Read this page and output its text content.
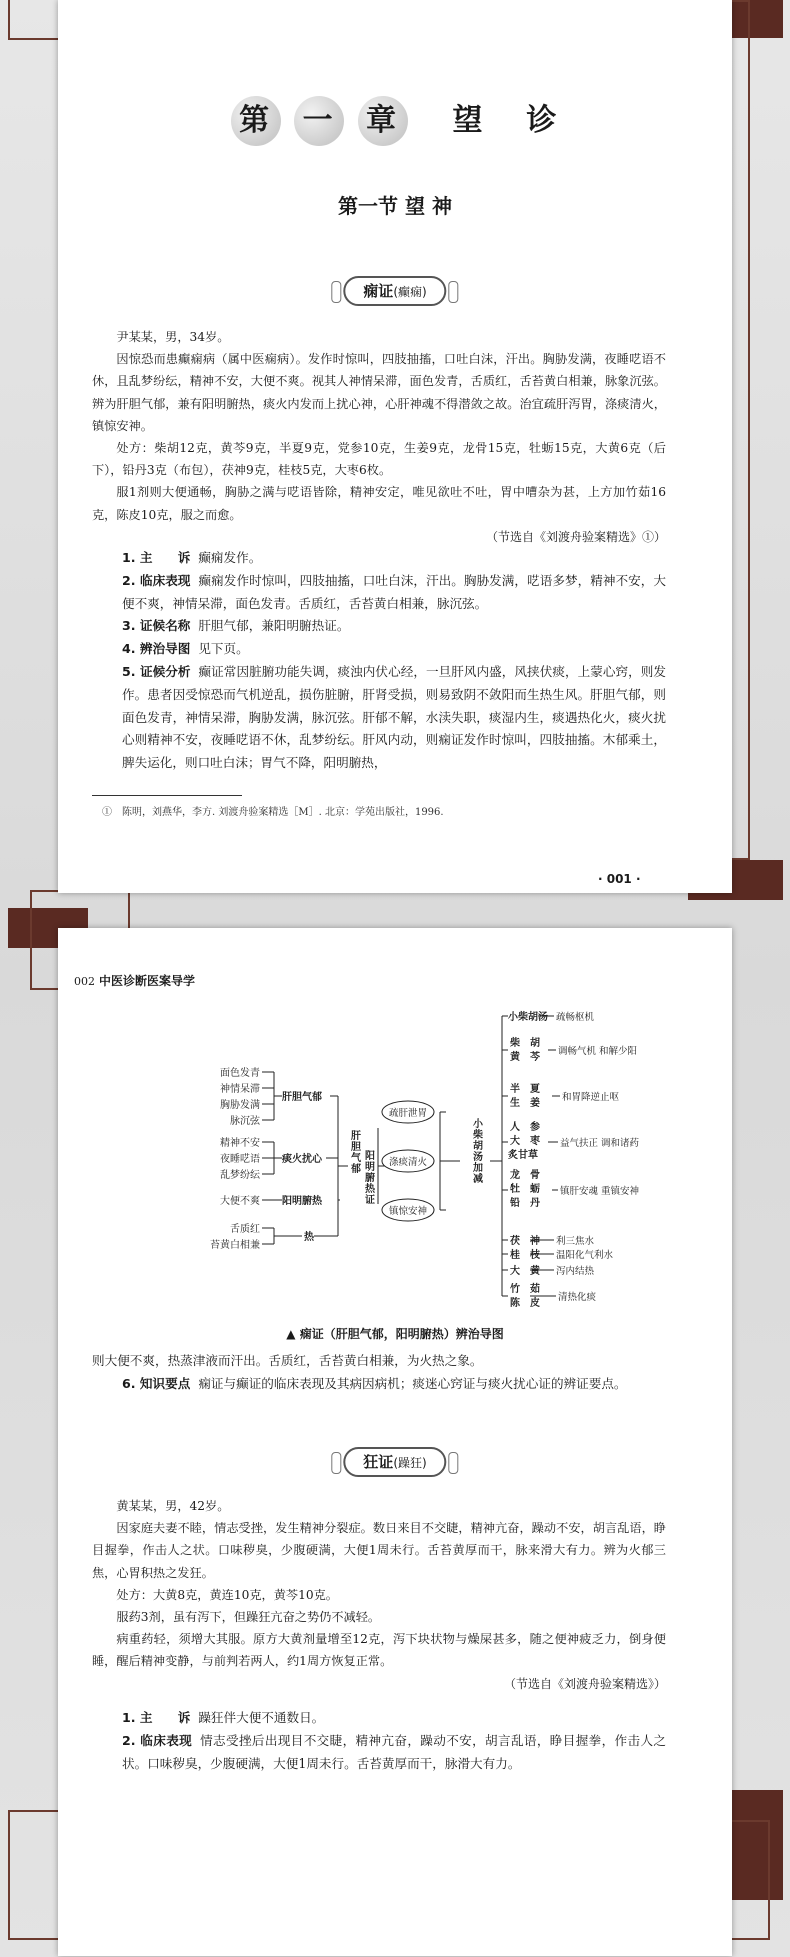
第 一 章 望 诊
第一节 望 神
痫证(癫痫)

尹某某，男，34岁。

因惊恐而患癫痫病（属中医痫病）。发作时惊叫，四肢抽搐，口吐白沫，汗出。胸胁发满，夜睡呓语不休，且乱梦纷纭，精神不安，大便不爽。视其人神情呆滞，面色发青，舌质红，舌苔黄白相兼，脉象沉弦。辨为肝胆气郁，兼有阳明腑热，痰火内发而上扰心神，心肝神魂不得潜敛之故。治宜疏肝泻胃，涤痰清火，镇惊安神。

处方：柴胡12克，黄芩9克，半夏9克，党参10克，生姜9克，龙骨15克，牡蛎15克，大黄6克（后下），铅丹3克（布包），茯神9克，桂枝5克，大枣6枚。

服1剂则大便通畅，胸胁之满与呓语皆除，精神安定，唯见欲吐不吐，胃中嘈杂为甚，上方加竹茹16克，陈皮10克，服之而愈。

（节选自《刘渡舟验案精选》①）

1. 主　　诉 癫痫发作。

2. 临床表现 癫痫发作时惊叫，四肢抽搐，口吐白沫，汗出。胸胁发满，呓语多梦，精神不安，大便不爽，神情呆滞，面色发青。舌质红，舌苔黄白相兼，脉沉弦。

3. 证候名称 肝胆气郁，兼阳明腑热证。

4. 辨治导图 见下页。

5. 证候分析 癫证常因脏腑功能失调，痰浊内伏心经，一旦肝风内盛，风挟伏痰，上蒙心窍，则发作。患者因受惊恐而气机逆乱，损伤脏腑，肝肾受损，则易致阴不敛阳而生热生风。肝胆气郁，则面色发青，神情呆滞，胸胁发满，脉沉弦。肝郁不解，水渎失职，痰湿内生，痰遇热化火，痰火扰心则精神不安，夜睡呓语不休，乱梦纷纭。肝风内动，则痫证发作时惊叫，四肢抽搐。木郁乘土，脾失运化，则口吐白沫；胃气不降，阳明腑热，

①　陈明，刘燕华，李方. 刘渡舟验案精选［M］. 北京：学苑出版社，1996.
· 001 ·
002 中医诊断医案导学
面色发青
神情呆滞
胸胁发满
脉沉弦
精神不安
夜睡呓语
乱梦纷纭
大便不爽
舌质红
苔黄白相兼
肝胆气郁
痰火扰心
阳明腑热
热
肝胆气郁 阳明腑热证	小柴胡汤加减
疏肝泄胃
涤痰清火
镇惊安神
小柴胡汤
柴　胡
黄　芩
半　夏
生　姜
人　参
大　枣
炙甘草
龙　骨
牡　蛎
铅　丹
茯　神
桂　枝
大　黄
竹　茹
陈　皮
疏畅枢机
调畅气机 和解少阳
和胃降逆止呕
益气扶正 调和诸药
镇肝安魂 重镇安神
利三焦水
温阳化气利水
泻内结热
清热化痰
▲ 痫证（肝胆气郁，阳明腑热）辨治导图

则大便不爽，热蒸津液而汗出。舌质红，舌苔黄白相兼，为火热之象。

6. 知识要点 痫证与癫证的临床表现及其病因病机；痰迷心窍证与痰火扰心证的辨证要点。

狂证(躁狂)

黄某某，男，42岁。

因家庭夫妻不睦，情志受挫，发生精神分裂症。数日来目不交睫，精神亢奋，躁动不安，胡言乱语，睁目握拳，作击人之状。口味秽臭，少腹硬满，大便1周未行。舌苔黄厚而干，脉来滑大有力。辨为火郁三焦，心胃积热之发狂。

处方：大黄8克，黄连10克，黄芩10克。

服药3剂，虽有泻下，但躁狂亢奋之势仍不减轻。

病重药轻，须增大其服。原方大黄剂量增至12克，泻下块状物与燥屎甚多，随之便神疲乏力，倒身便睡，醒后精神变静，与前判若两人，约1周方恢复正常。

（节选自《刘渡舟验案精选》）

1. 主　　诉 躁狂伴大便不通数日。

2. 临床表现 情志受挫后出现目不交睫，精神亢奋，躁动不安，胡言乱语，睁目握拳，作击人之状。口味秽臭，少腹硬满，大便1周未行。舌苔黄厚而干，脉滑大有力。
